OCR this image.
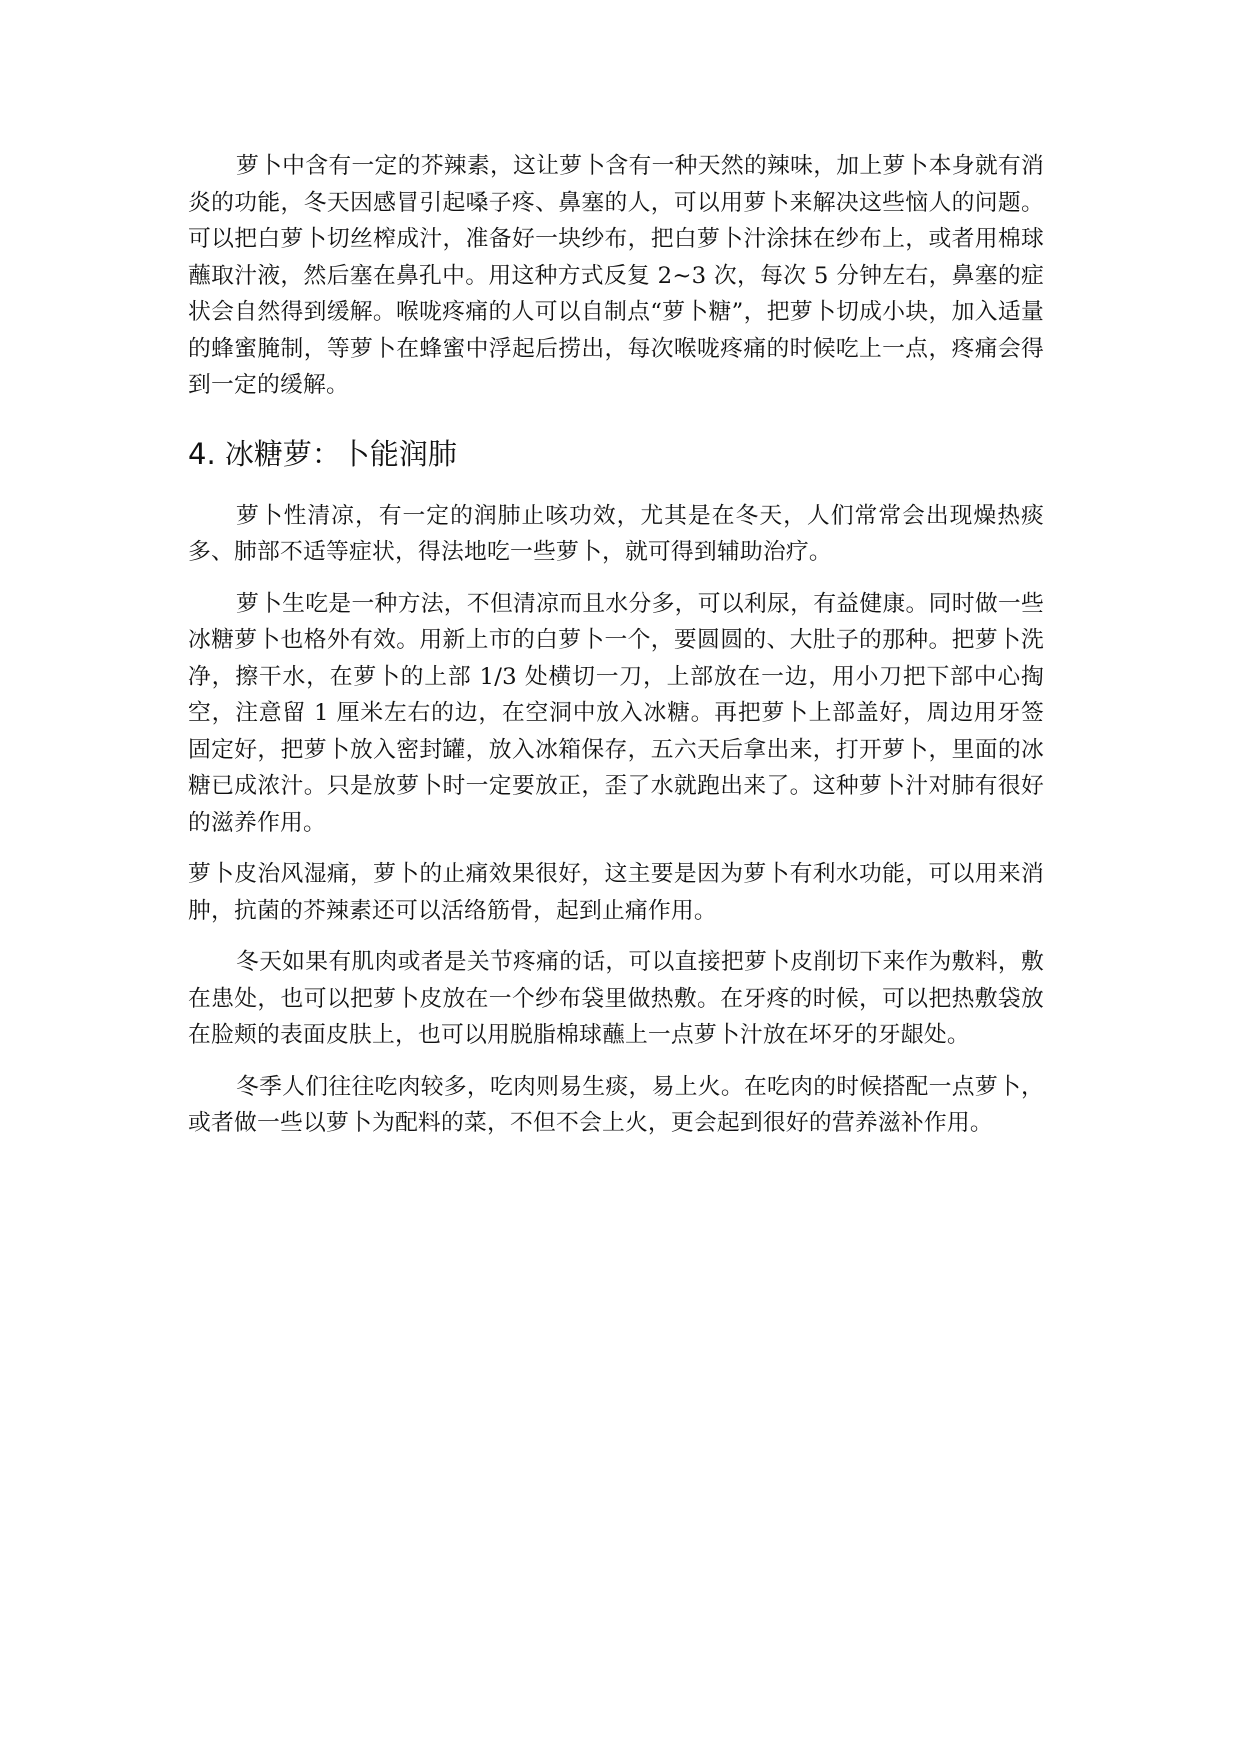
萝卜中含有一定的芥辣素，这让萝卜含有一种天然的辣味，加上萝卜本身就有消炎的功能，冬天因感冒引起嗓子疼、鼻塞的人，可以用萝卜来解决这些恼人的问题。可以把白萝卜切丝榨成汁，准备好一块纱布，把白萝卜汁涂抹在纱布上，或者用棉球蘸取汁液，然后塞在鼻孔中。用这种方式反复 2~3 次，每次 5 分钟左右，鼻塞的症状会自然得到缓解。喉咙疼痛的人可以自制点“萝卜糖”，把萝卜切成小块，加入适量的蜂蜜腌制，等萝卜在蜂蜜中浮起后捞出，每次喉咙疼痛的时候吃上一点，疼痛会得到一定的缓解。

4. 冰糖萝：卜能润肺

萝卜性清凉，有一定的润肺止咳功效，尤其是在冬天，人们常常会出现燥热痰多、肺部不适等症状，得法地吃一些萝卜，就可得到辅助治疗。

萝卜生吃是一种方法，不但清凉而且水分多，可以利尿，有益健康。同时做一些冰糖萝卜也格外有效。用新上市的白萝卜一个，要圆圆的、大肚子的那种。把萝卜洗净，擦干水，在萝卜的上部 1/3 处横切一刀，上部放在一边，用小刀把下部中心掏空，注意留 1 厘米左右的边，在空洞中放入冰糖。再把萝卜上部盖好，周边用牙签固定好，把萝卜放入密封罐，放入冰箱保存，五六天后拿出来，打开萝卜，里面的冰糖已成浓汁。只是放萝卜时一定要放正，歪了水就跑出来了。这种萝卜汁对肺有很好的滋养作用。

萝卜皮治风湿痛，萝卜的止痛效果很好，这主要是因为萝卜有利水功能，可以用来消肿，抗菌的芥辣素还可以活络筋骨，起到止痛作用。

冬天如果有肌肉或者是关节疼痛的话，可以直接把萝卜皮削切下来作为敷料，敷在患处，也可以把萝卜皮放在一个纱布袋里做热敷。在牙疼的时候，可以把热敷袋放在脸颊的表面皮肤上，也可以用脱脂棉球蘸上一点萝卜汁放在坏牙的牙龈处。

冬季人们往往吃肉较多，吃肉则易生痰，易上火。在吃肉的时候搭配一点萝卜，或者做一些以萝卜为配料的菜，不但不会上火，更会起到很好的营养滋补作用。
